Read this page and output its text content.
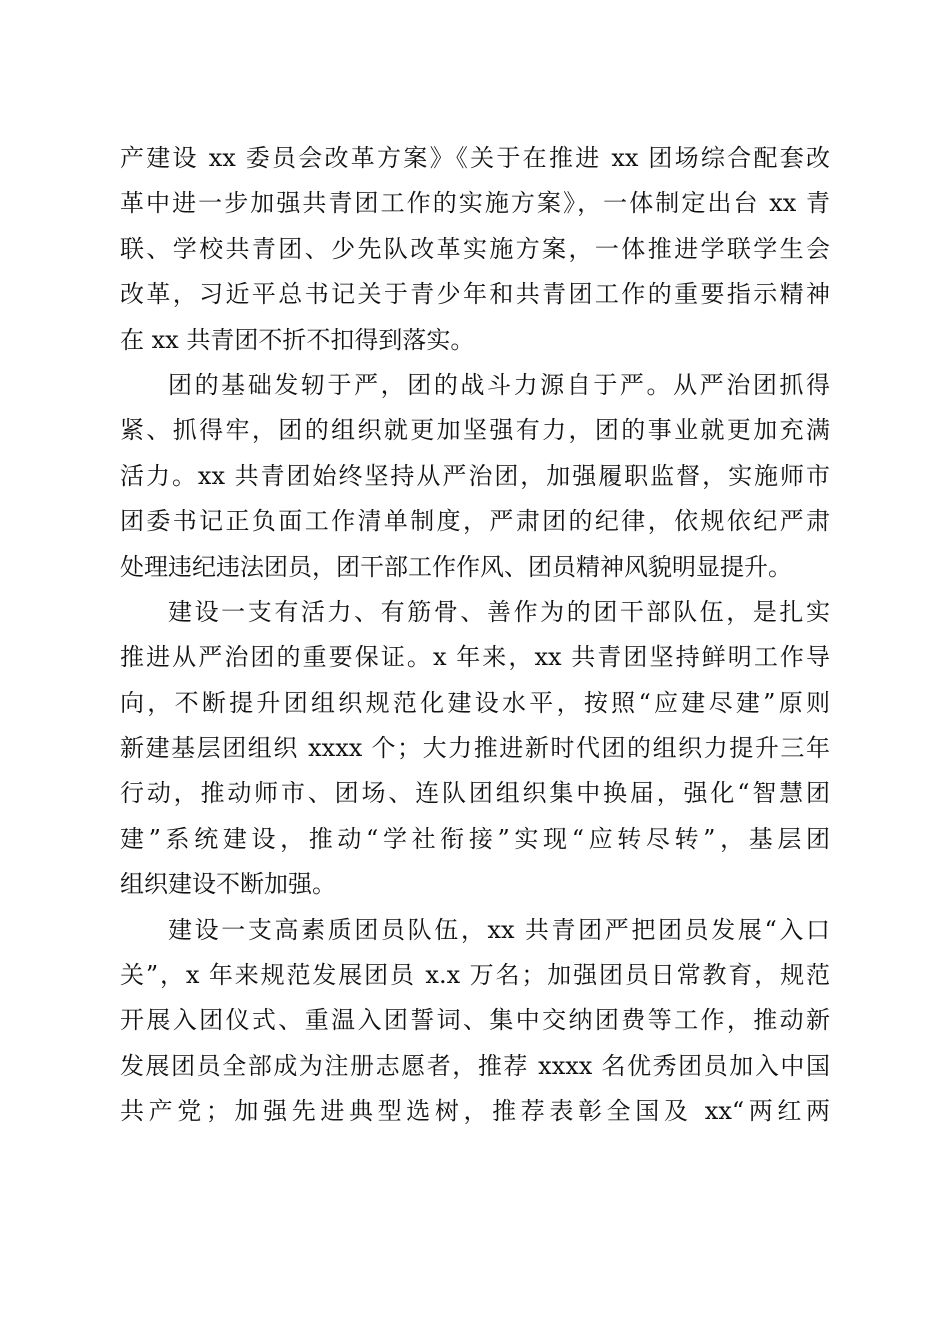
产建设 xx 委员会改革方案》《关于在推进 xx 团场综合配套改
革中进一步加强共青团工作的实施方案》，一体制定出台 xx 青
联、学校共青团、少先队改革实施方案，一体推进学联学生会
改革，习近平总书记关于青少年和共青团工作的重要指示精神
在 xx 共青团不折不扣得到落实。
团的基础发轫于严，团的战斗力源自于严。从严治团抓得
紧、抓得牢，团的组织就更加坚强有力，团的事业就更加充满
活力。xx 共青团始终坚持从严治团，加强履职监督，实施师市
团委书记正负面工作清单制度，严肃团的纪律，依规依纪严肃
处理违纪违法团员，团干部工作作风、团员精神风貌明显提升。
建设一支有活力、有筋骨、善作为的团干部队伍，是扎实
推进从严治团的重要保证。x 年来，xx 共青团坚持鲜明工作导
向，不断提升团组织规范化建设水平，按照“应建尽建”原则
新建基层团组织 xxxx 个；大力推进新时代团的组织力提升三年
行动，推动师市、团场、连队团组织集中换届，强化“智慧团
建”系统建设，推动“学社衔接”实现“应转尽转”，基层团
组织建设不断加强。
建设一支高素质团员队伍，xx 共青团严把团员发展“入口
关”，x 年来规范发展团员 x.x 万名；加强团员日常教育，规范
开展入团仪式、重温入团誓词、集中交纳团费等工作，推动新
发展团员全部成为注册志愿者，推荐 xxxx 名优秀团员加入中国
共产党；加强先进典型选树，推荐表彰全国及 xx“两红两
